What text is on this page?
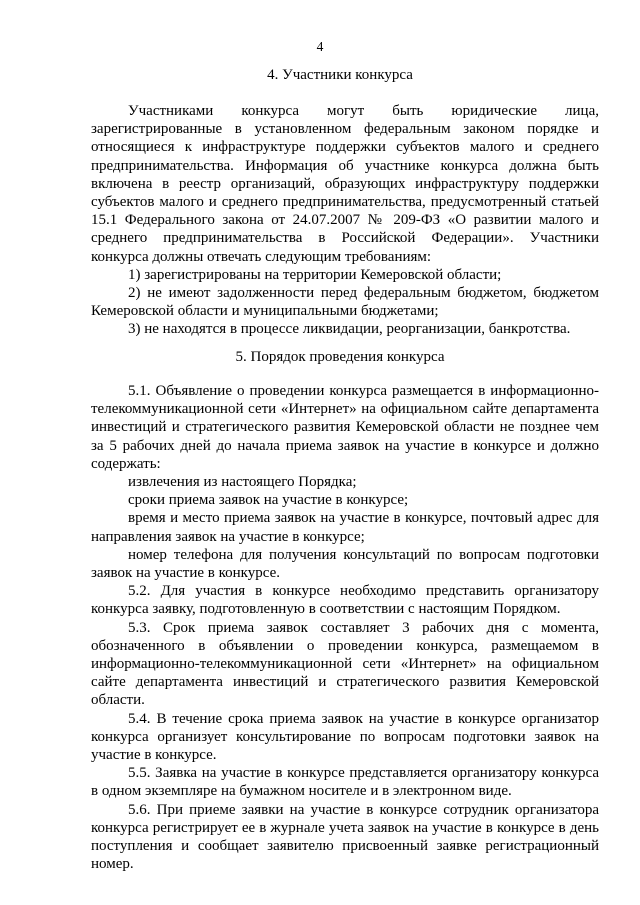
4
4. Участники конкурса

Участниками конкурса могут быть юридические лица, зарегистрированные в установленном федеральным законом порядке и относящиеся к инфраструктуре поддержки субъектов малого и среднего предпринимательства. Информация об участнике конкурса должна быть включена в реестр организаций, образующих инфраструктуру поддержки субъектов малого и среднего предпринимательства, предусмотренный статьей 15.1 Федерального закона от 24.07.2007 № 209-ФЗ «О развитии малого и среднего предпринимательства в Российской Федерации». Участники конкурса должны отвечать следующим требованиям:

1) зарегистрированы на территории Кемеровской области;

2) не имеют задолженности перед федеральным бюджетом, бюджетом Кемеровской области и муниципальными бюджетами;

3) не находятся в процессе ликвидации, реорганизации, банкротства.

5. Порядок проведения конкурса

5.1. Объявление о проведении конкурса размещается в информационно-телекоммуникационной сети «Интернет» на официальном сайте департамента инвестиций и стратегического развития Кемеровской области не позднее чем за 5 рабочих дней до начала приема заявок на участие в конкурсе и должно содержать:

извлечения из настоящего Порядка;

сроки приема заявок на участие в конкурсе;

время и место приема заявок на участие в конкурсе, почтовый адрес для направления заявок на участие в конкурсе;

номер телефона для получения консультаций по вопросам подготовки заявок на участие в конкурсе.

5.2. Для участия в конкурсе необходимо представить организатору конкурса заявку, подготовленную в соответствии с настоящим Порядком.

5.3. Срок приема заявок составляет 3 рабочих дня с момента, обозначенного в объявлении о проведении конкурса, размещаемом в информационно-телекоммуникационной сети «Интернет» на официальном сайте департамента инвестиций и стратегического развития Кемеровской области.

5.4. В течение срока приема заявок на участие в конкурсе организатор конкурса организует консультирование по вопросам подготовки заявок на участие в конкурсе.

5.5. Заявка на участие в конкурсе представляется организатору конкурса в одном экземпляре на бумажном носителе и в электронном виде.

5.6. При приеме заявки на участие в конкурсе сотрудник организатора конкурса регистрирует ее в журнале учета заявок на участие в конкурсе в день поступления и сообщает заявителю присвоенный заявке регистрационный номер.
